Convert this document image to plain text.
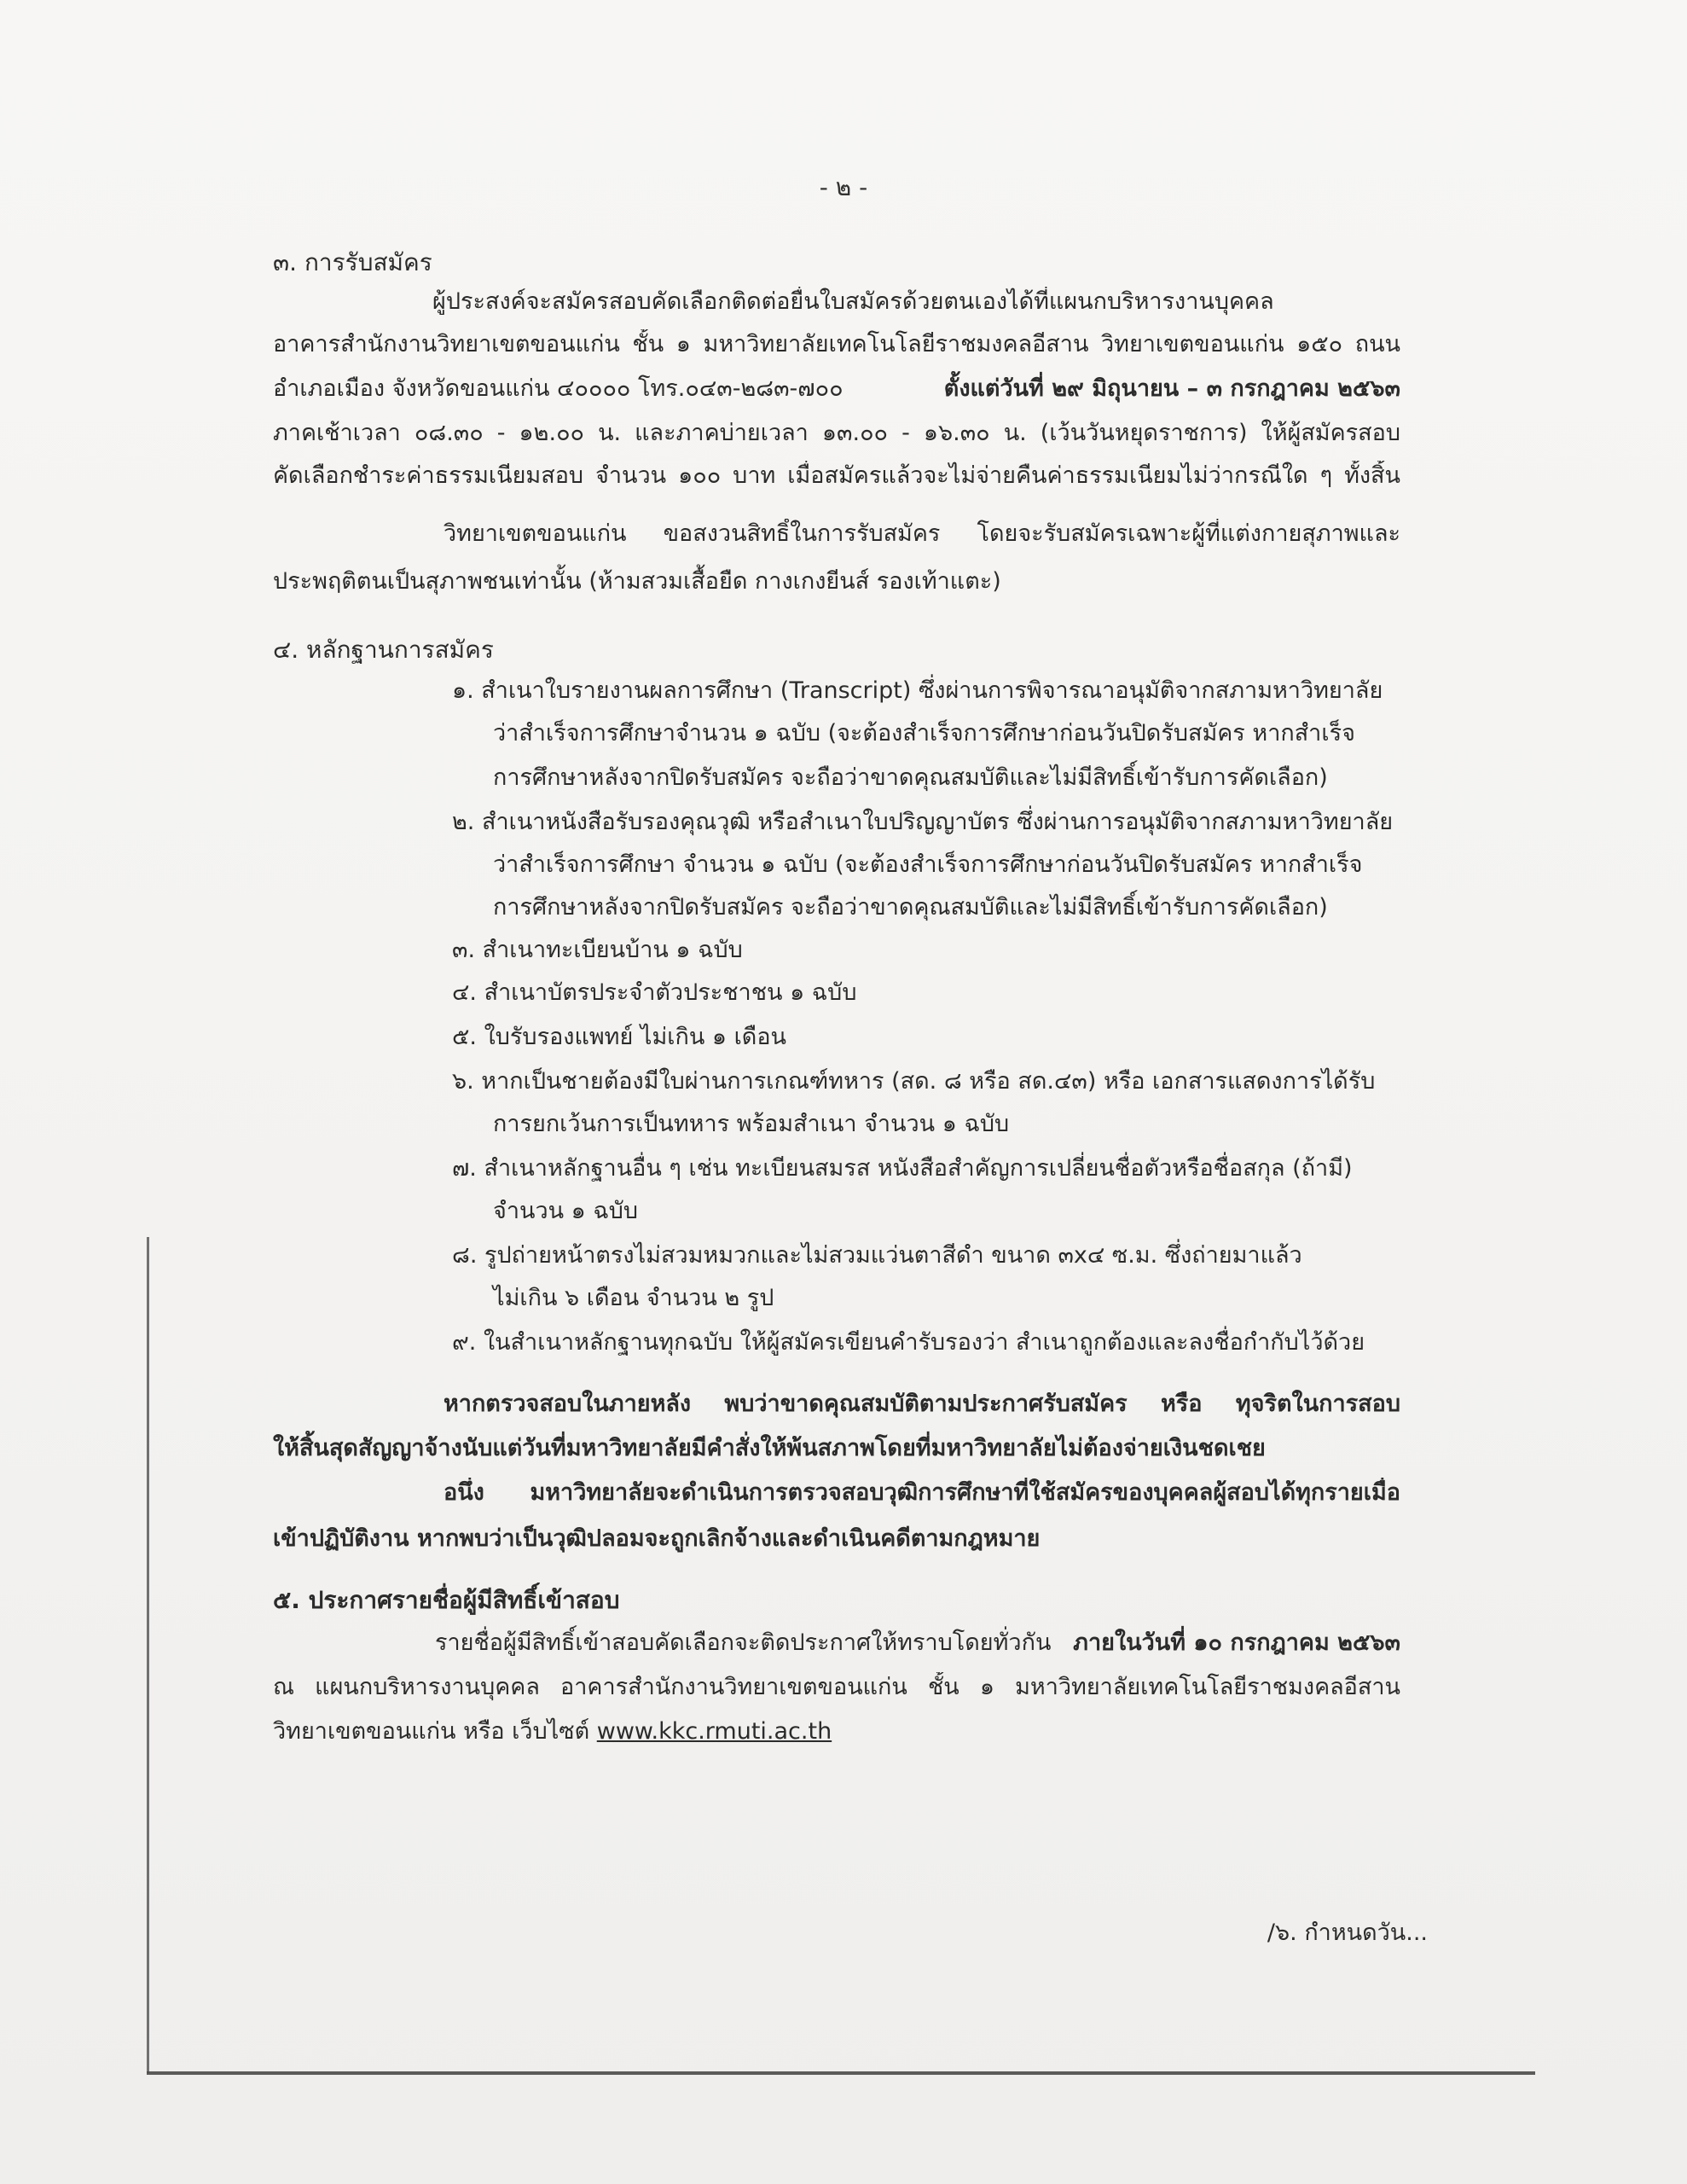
- ๒ -
๓. การรับสมัคร
ผู้ประสงค์จะสมัครสอบคัดเลือกติดต่อยื่นใบสมัครด้วยตนเองได้ที่แผนกบริหารงานบุคคล
อาคารสำนักงานวิทยาเขตขอนแก่น ชั้น ๑ มหาวิทยาลัยเทคโนโลยีราชมงคลอีสาน วิทยาเขตขอนแก่น ๑๕๐ ถนน
อำเภอเมือง จังหวัดขอนแก่น ๔๐๐๐๐ โทร.๐๔๓-๒๘๓-๗๐๐	ตั้งแต่วันที่ ๒๙ มิถุนายน – ๓ กรกฎาคม ๒๕๖๓
ภาคเช้าเวลา ๐๘.๓๐ - ๑๒.๐๐ น. และภาคบ่ายเวลา ๑๓.๐๐ - ๑๖.๓๐ น. (เว้นวันหยุดราชการ) ให้ผู้สมัครสอบ
คัดเลือกชำระค่าธรรมเนียมสอบ จำนวน ๑๐๐ บาท เมื่อสมัครแล้วจะไม่จ่ายคืนค่าธรรมเนียมไม่ว่ากรณีใด ๆ ทั้งสิ้น
วิทยาเขตขอนแก่น ขอสงวนสิทธิ์ในการรับสมัคร โดยจะรับสมัครเฉพาะผู้ที่แต่งกายสุภาพและ
ประพฤติตนเป็นสุภาพชนเท่านั้น (ห้ามสวมเสื้อยืด กางเกงยีนส์ รองเท้าแตะ)
๔. หลักฐานการสมัคร
๑. สำเนาใบรายงานผลการศึกษา (Transcript) ซึ่งผ่านการพิจารณาอนุมัติจากสภามหาวิทยาลัย
ว่าสำเร็จการศึกษาจำนวน ๑ ฉบับ (จะต้องสำเร็จการศึกษาก่อนวันปิดรับสมัคร หากสำเร็จ
การศึกษาหลังจากปิดรับสมัคร จะถือว่าขาดคุณสมบัติและไม่มีสิทธิ์เข้ารับการคัดเลือก)
๒. สำเนาหนังสือรับรองคุณวุฒิ หรือสำเนาใบปริญญาบัตร ซึ่งผ่านการอนุมัติจากสภามหาวิทยาลัย
ว่าสำเร็จการศึกษา จำนวน ๑ ฉบับ (จะต้องสำเร็จการศึกษาก่อนวันปิดรับสมัคร หากสำเร็จ
การศึกษาหลังจากปิดรับสมัคร จะถือว่าขาดคุณสมบัติและไม่มีสิทธิ์เข้ารับการคัดเลือก)
๓. สำเนาทะเบียนบ้าน ๑ ฉบับ
๔. สำเนาบัตรประจำตัวประชาชน ๑ ฉบับ
๕. ใบรับรองแพทย์ ไม่เกิน ๑ เดือน
๖. หากเป็นชายต้องมีใบผ่านการเกณฑ์ทหาร (สด. ๘ หรือ สด.๔๓) หรือ เอกสารแสดงการได้รับ
การยกเว้นการเป็นทหาร พร้อมสำเนา จำนวน ๑ ฉบับ
๗. สำเนาหลักฐานอื่น ๆ เช่น ทะเบียนสมรส หนังสือสำคัญการเปลี่ยนชื่อตัวหรือชื่อสกุล (ถ้ามี)
จำนวน ๑ ฉบับ
๘. รูปถ่ายหน้าตรงไม่สวมหมวกและไม่สวมแว่นตาสีดำ ขนาด ๓x๔ ซ.ม. ซึ่งถ่ายมาแล้ว
ไม่เกิน ๖ เดือน จำนวน ๒ รูป
๙. ในสำเนาหลักฐานทุกฉบับ ให้ผู้สมัครเขียนคำรับรองว่า สำเนาถูกต้องและลงชื่อกำกับไว้ด้วย
หากตรวจสอบในภายหลัง พบว่าขาดคุณสมบัติตามประกาศรับสมัคร หรือ ทุจริตในการสอบ
ให้สิ้นสุดสัญญาจ้างนับแต่วันที่มหาวิทยาลัยมีคำสั่งให้พ้นสภาพโดยที่มหาวิทยาลัยไม่ต้องจ่ายเงินชดเชย
อนึ่ง มหาวิทยาลัยจะดำเนินการตรวจสอบวุฒิการศึกษาที่ใช้สมัครของบุคคลผู้สอบได้ทุกรายเมื่อ
เข้าปฏิบัติงาน หากพบว่าเป็นวุฒิปลอมจะถูกเลิกจ้างและดำเนินคดีตามกฎหมาย
๕. ประกาศรายชื่อผู้มีสิทธิ์เข้าสอบ
รายชื่อผู้มีสิทธิ์เข้าสอบคัดเลือกจะติดประกาศให้ทราบโดยทั่วกัน ภายในวันที่ ๑๐ กรกฎาคม ๒๕๖๓
ณ แผนกบริหารงานบุคคล อาคารสำนักงานวิทยาเขตขอนแก่น ชั้น ๑ มหาวิทยาลัยเทคโนโลยีราชมงคลอีสาน
วิทยาเขตขอนแก่น หรือ เว็บไซต์ www.kkc.rmuti.ac.th
/๖. กำหนดวัน...
